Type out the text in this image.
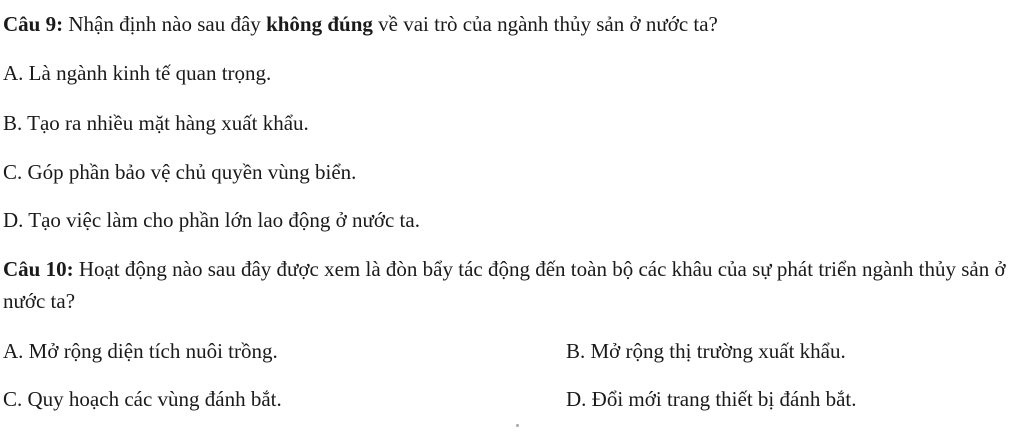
Câu 9: Nhận định nào sau đây không đúng về vai trò của ngành thủy sản ở nước ta?
A. Là ngành kinh tế quan trọng.
B. Tạo ra nhiều mặt hàng xuất khẩu.
C. Góp phần bảo vệ chủ quyền vùng biển.
D. Tạo việc làm cho phần lớn lao động ở nước ta.
Câu 10: Hoạt động nào sau đây được xem là đòn bẩy tác động đến toàn bộ các khâu của sự phát triển ngành thủy sản ở nước ta?
A. Mở rộng diện tích nuôi trồng.	B. Mở rộng thị trường xuất khẩu.
C. Quy hoạch các vùng đánh bắt.	D. Đổi mới trang thiết bị đánh bắt.
